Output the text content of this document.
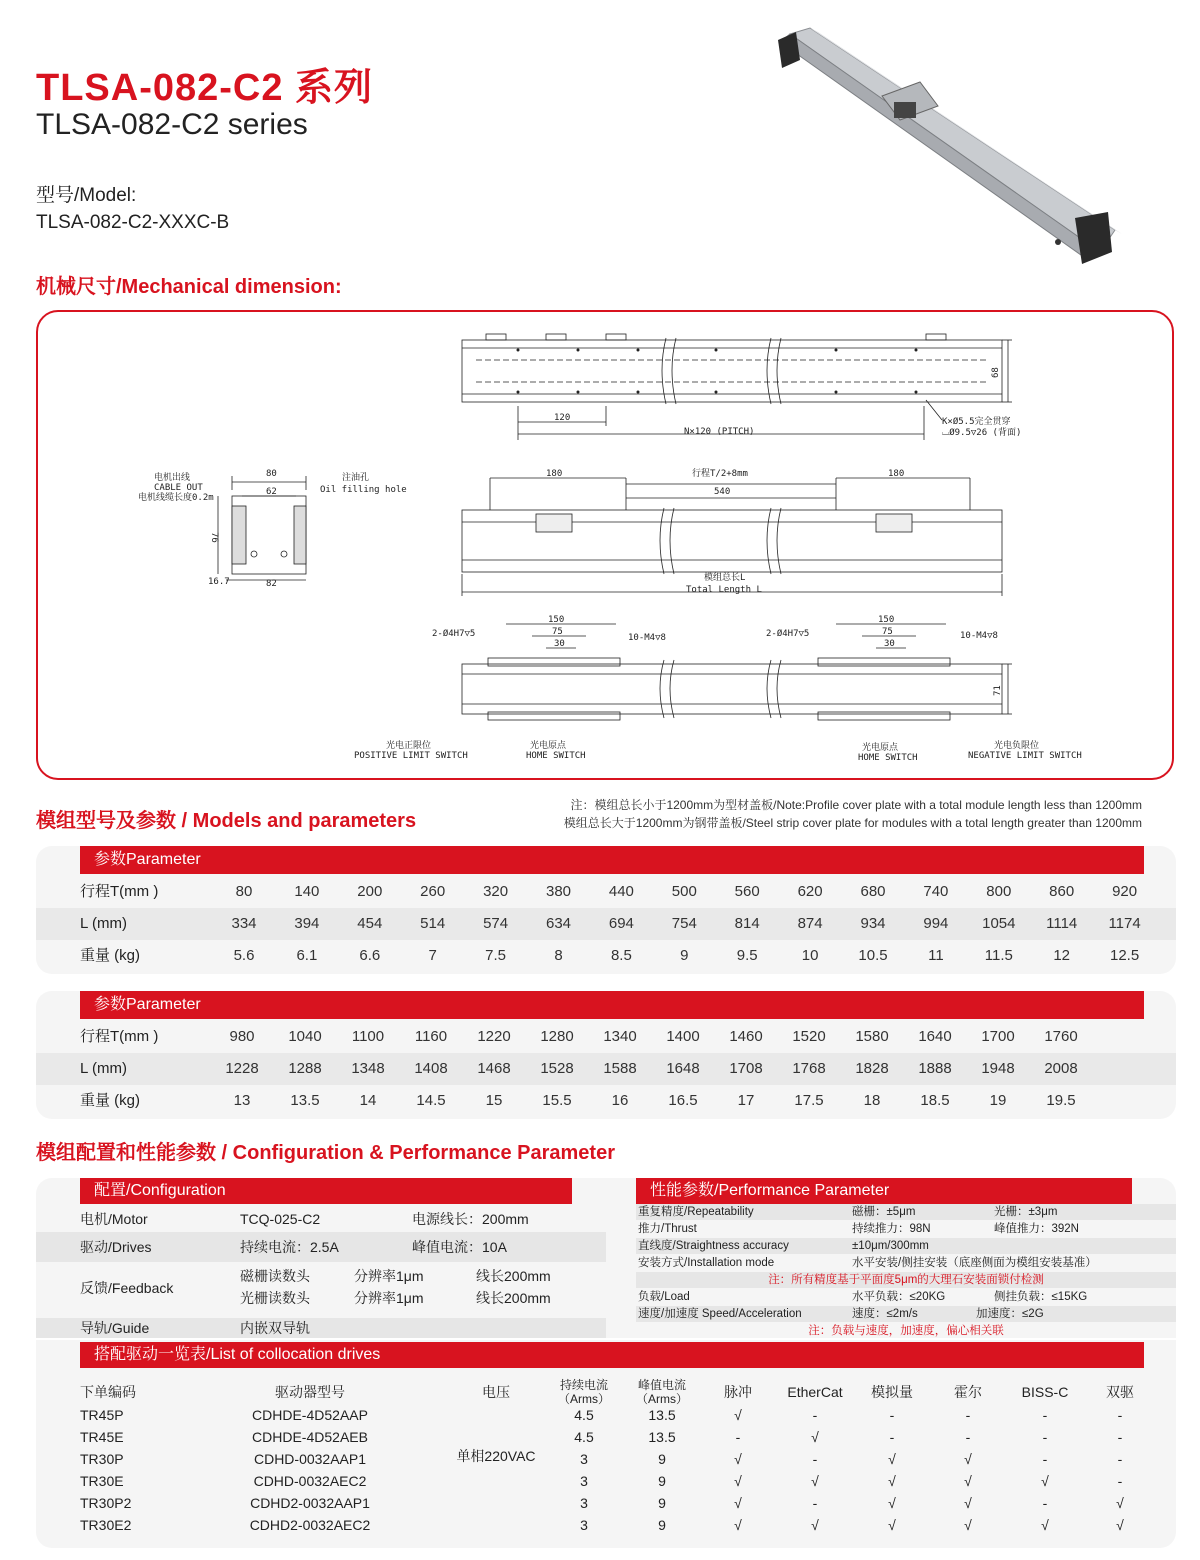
TLSA-082-C2 系列
TLSA-082-C2 series
型号/Model:
TLSA-082-C2-XXXC-B
机械尺寸/Mechanical dimension:
120
N×120 (PITCH)
68
K×Ø5.5完全贯穿
⌴Ø9.5▽26 (背面)
电机出线
CABLE OUT
电机线缆长度0.2m
注油孔
Oil filling hole
80
62
76
16.7	82
180	行程T/2+8mm	180
540
模组总长L
Total Length L
2-Ø4H7▽5
150
75
30
10-M4▽8	2-Ø4H7▽5
150
75
30
10-M4▽8
71
光电正限位
POSITIVE LIMIT SWITCH
光电原点
HOME SWITCH
光电原点
HOME SWITCH
光电负限位
NEGATIVE LIMIT SWITCH
模组型号及参数 / Models and parameters
注：模组总长小于1200mm为型材盖板/Note:Profile cover plate with a total module length less than 1200mm
模组总长大于1200mm为钢带盖板/Steel strip cover plate for modules with a total length greater than 1200mm
参数Parameter
行程T(mm )	80	140	200	260	320	380	440	500	560	620	680	740	800	860	920
L (mm)	334	394	454	514	574	634	694	754	814	874	934	994	1054	1114	1174
重量 (kg)	5.6	6.1	6.6	7	7.5	8	8.5	9	9.5	10	10.5	11	11.5	12	12.5
参数Parameter
行程T(mm )	980	1040	1100	1160	1220	1280	1340	1400	1460	1520	1580	1640	1700	1760
L (mm)	1228	1288	1348	1408	1468	1528	1588	1648	1708	1768	1828	1888	1948	2008
重量 (kg)	13	13.5	14	14.5	15	15.5	16	16.5	17	17.5	18	18.5	19	19.5
模组配置和性能参数 / Configuration & Performance Parameter
配置/Configuration	性能参数/Performance Parameter
电机/Motor	TCQ-025-C2	电源线长：200mm
驱动/Drives	持续电流：2.5A	峰值电流：10A
反馈/Feedback
磁栅读数头	分辨率1μm	线长200mm
光栅读数头	分辨率1μm	线长200mm
导轨/Guide	内嵌双导轨
重复精度/Repeatability	磁栅：±5μm	光栅：±3μm
推力/Thrust	持续推力：98N	峰值推力：392N
直线度/Straightness accuracy	±10μm/300mm
安装方式/Installation mode	水平安装/侧挂安装（底座侧面为模组安装基准）
注：所有精度基于平面度5μm的大理石安装面锁付检测
负载/Load	水平负载：≤20KG	侧挂负载：≤15KG
速度/加速度 Speed/Acceleration	速度：≤2m/s	加速度：≤2G
注：负载与速度，加速度，偏心相关联
搭配驱动一览表/List of collocation drives
下单编码	驱动器型号	电压	持续电流
（Arms）
峰值电流
（Arms）	脉冲	EtherCat	模拟量	霍尔	BISS-C	双驱
单相220VAC
TR45P	CDHDE-4D52AAP	4.5	13.5	√	-	-	-	-	-
TR45E	CDHDE-4D52AEB	4.5	13.5	-	√	-	-	-	-
TR30P	CDHD-0032AAP1	3	9	√	-	√	√	-	-
TR30E	CDHD-0032AEC2	3	9	√	√	√	√	√	-
TR30P2	CDHD2-0032AAP1	3	9	√	-	√	√	-	√
TR30E2	CDHD2-0032AEC2	3	9	√	√	√	√	√	√
